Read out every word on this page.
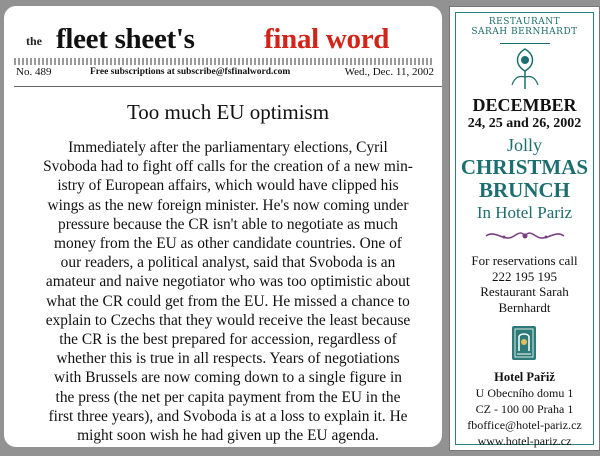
the fleet sheet's final word
No. 489	Free subscriptions at subscribe@fsfinalword.com	Wed., Dec. 11, 2002
Too much EU optimism
Immediately after the parliamentary elections, Cyril
Svoboda had to fight off calls for the creation of a new min-
istry of European affairs, which would have clipped his
wings as the new foreign minister. He's now coming under
pressure because the CR isn't able to negotiate as much
money from the EU as other candidate countries. One of
our readers, a political analyst, said that Svoboda is an
amateur and naive negotiator who was too optimistic about
what the CR could get from the EU. He missed a chance to
explain to Czechs that they would receive the least because
the CR is the best prepared for accession, regardless of
whether this is true in all respects. Years of negotiations
with Brussels are now coming down to a single figure in
the press (the net per capita payment from the EU in the
first three years), and Svoboda is at a loss to explain it. He
might soon wish he had given up the EU agenda.
RESTAURANT
SARAH BERNHARDT
DECEMBER
24, 25 and 26, 2002
Jolly
CHRISTMAS
BRUNCH
In Hotel Pariz
For reservations call
222 195 195
Restaurant Sarah
Bernhardt
Hotel Pařiž
U Obecního domu 1
CZ - 100 00 Praha 1
fboffice@hotel-pariz.cz
www.hotel-pariz.cz
